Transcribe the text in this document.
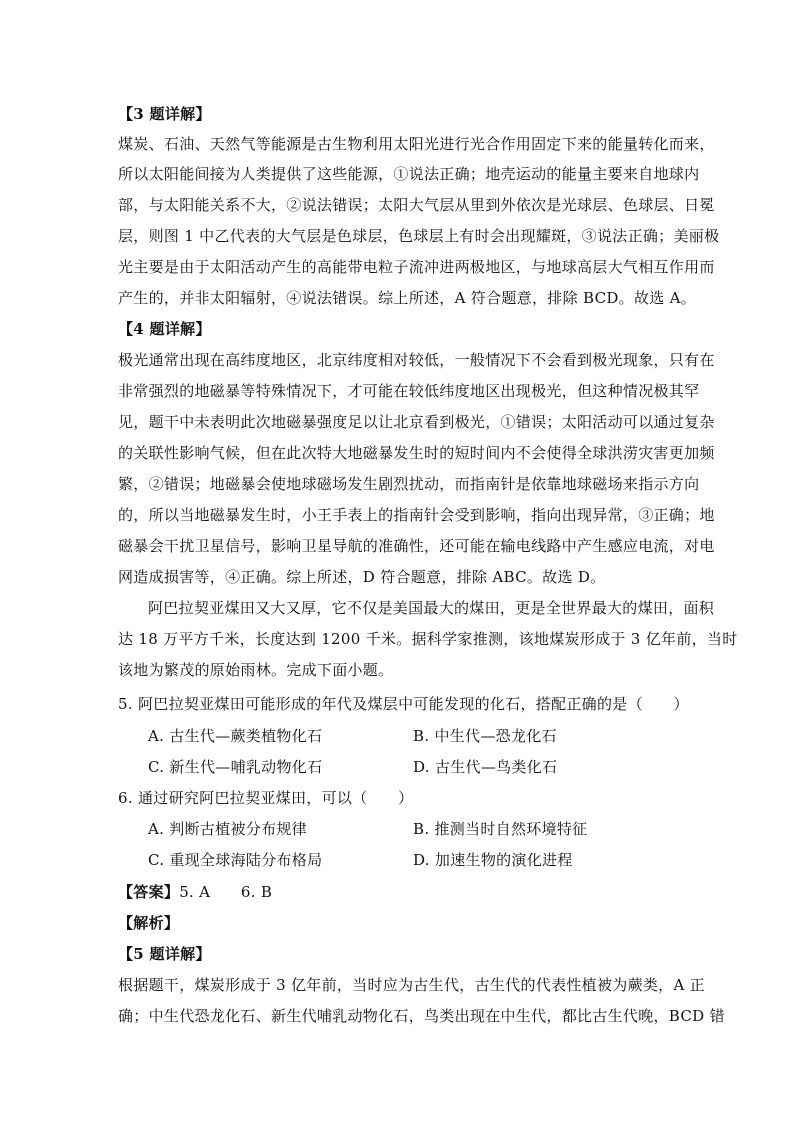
【3 题详解】
煤炭、石油、天然气等能源是古生物利用太阳光进行光合作用固定下来的能量转化而来，
所以太阳能间接为人类提供了这些能源，①说法正确；地壳运动的能量主要来自地球内
部，与太阳能关系不大，②说法错误；太阳大气层从里到外依次是光球层、色球层、日冕
层，则图 1 中乙代表的大气层是色球层，色球层上有时会出现耀斑，③说法正确；美丽极
光主要是由于太阳活动产生的高能带电粒子流冲进两极地区，与地球高层大气相互作用而
产生的，并非太阳辐射，④说法错误。综上所述，A 符合题意，排除 BCD。故选 A。
【4 题详解】
极光通常出现在高纬度地区，北京纬度相对较低，一般情况下不会看到极光现象，只有在
非常强烈的地磁暴等特殊情况下，才可能在较低纬度地区出现极光，但这种情况极其罕
见，题干中未表明此次地磁暴强度足以让北京看到极光，①错误；太阳活动可以通过复杂
的关联性影响气候，但在此次特大地磁暴发生时的短时间内不会使得全球洪涝灾害更加频
繁，②错误；地磁暴会使地球磁场发生剧烈扰动，而指南针是依靠地球磁场来指示方向
的，所以当地磁暴发生时，小王手表上的指南针会受到影响，指向出现异常，③正确；地
磁暴会干扰卫星信号，影响卫星导航的准确性，还可能在输电线路中产生感应电流，对电
网造成损害等，④正确。综上所述，D 符合题意，排除 ABC。故选 D。
阿巴拉契亚煤田又大又厚，它不仅是美国最大的煤田，更是全世界最大的煤田，面积
达 18 万平方千米，长度达到 1200 千米。据科学家推测，该地煤炭形成于 3 亿年前，当时
该地为繁茂的原始雨林。完成下面小题。
5. 阿巴拉契亚煤田可能形成的年代及煤层中可能发现的化石，搭配正确的是（　　）
A. 古生代—蕨类植物化石	B. 中生代—恐龙化石
C. 新生代—哺乳动物化石	D. 古生代—鸟类化石
6. 通过研究阿巴拉契亚煤田，可以（　　）
A. 判断古植被分布规律	B. 推测当时自然环境特征
C. 重现全球海陆分布格局	D. 加速生物的演化进程
【答案】5. A　　6. B
【解析】
【5 题详解】
根据题干，煤炭形成于 3 亿年前，当时应为古生代，古生代的代表性植被为蕨类，A 正
确；中生代恐龙化石、新生代哺乳动物化石，鸟类出现在中生代，都比古生代晚，BCD 错
